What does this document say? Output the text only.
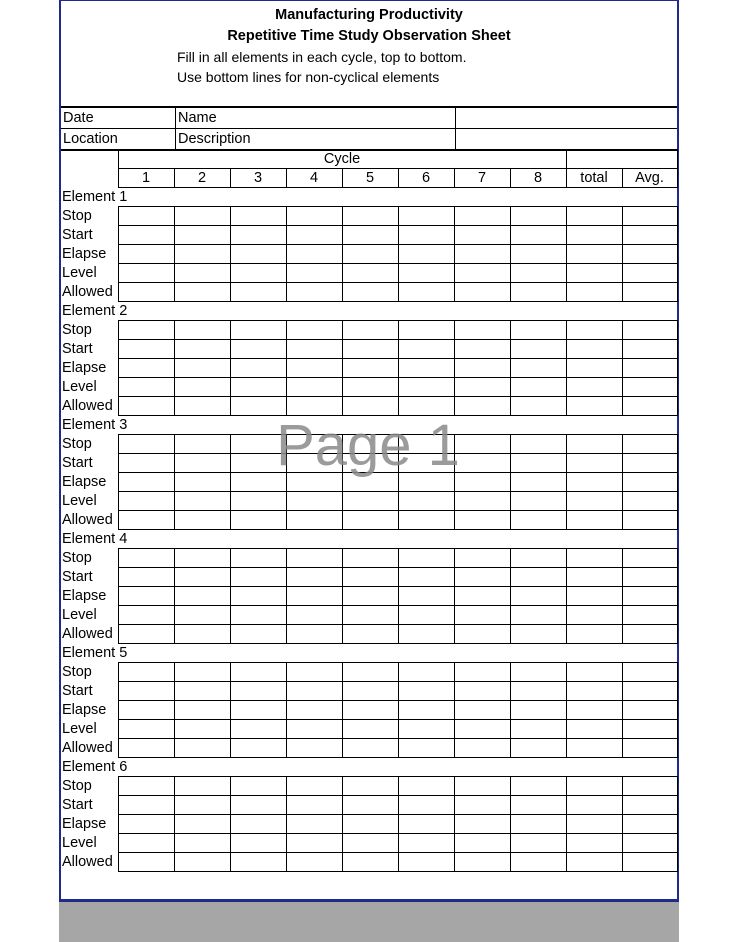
Manufacturing Productivity
Repetitive Time Study Observation Sheet
Fill in all elements in each cycle, top to bottom.
Use bottom lines for non-cyclical elements
Date	Name
Location	Description
	Cycle									
	1	2	3	4	5	6	7	8	total	Avg.
Element 1										
Stop										
Start										
Elapse										
Level										
Allowed										
Element 2										
Stop										
Start										
Elapse										
Level										
Allowed										
Element 3										
Stop										
Start										
Elapse										
Level										
Allowed										
Element 4										
Stop										
Start										
Elapse										
Level										
Allowed										
Element 5										
Stop										
Start										
Elapse										
Level										
Allowed										
Element 6										
Stop										
Start										
Elapse										
Level										
Allowed										
Page 1
